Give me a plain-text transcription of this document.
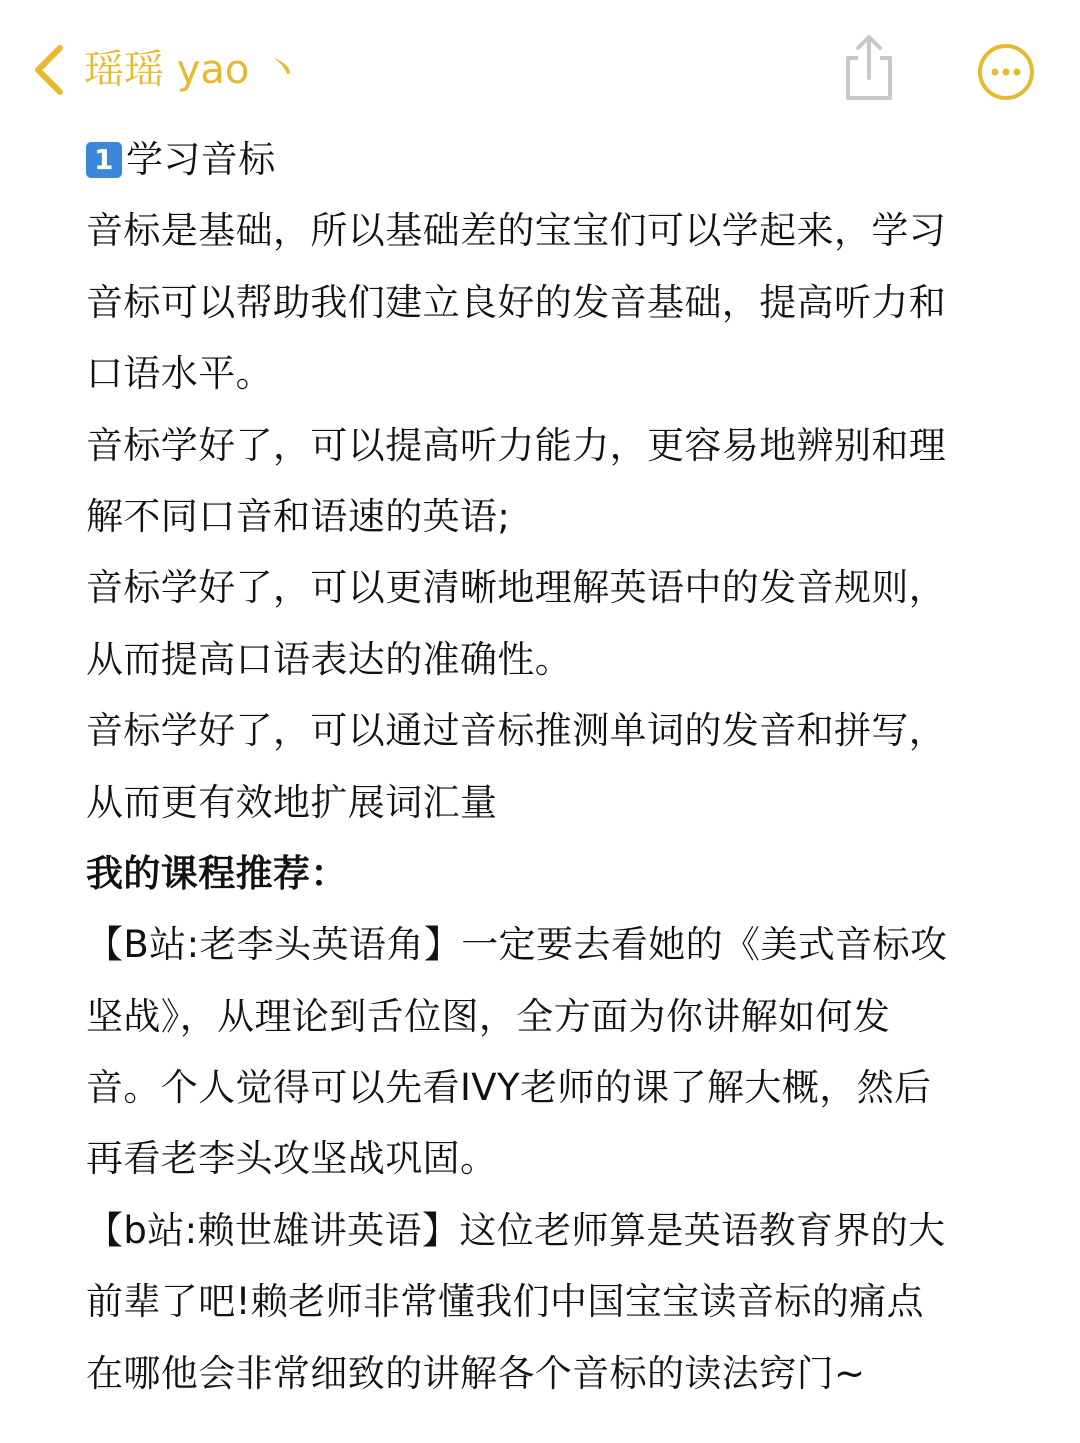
瑶瑶 yao 丶
1 学习音标
音标是基础，所以基础差的宝宝们可以学起来，学习
音标可以帮助我们建立良好的发音基础，提高听力和
口语水平。
音标学好了，可以提高听力能力，更容易地辨别和理
解不同口音和语速的英语;
音标学好了，可以更清晰地理解英语中的发音规则，
从而提高口语表达的准确性。
音标学好了，可以通过音标推测单词的发音和拼写，
从而更有效地扩展词汇量
我的课程推荐：
【B站:老李头英语角】一定要去看她的《美式音标攻
坚战》，从理论到舌位图，全方面为你讲解如何发
音。个人觉得可以先看IVY老师的课了解大概，然后
再看老李头攻坚战巩固。
【b站:赖世雄讲英语】这位老师算是英语教育界的大
前辈了吧!赖老师非常懂我们中国宝宝读音标的痛点
在哪他会非常细致的讲解各个音标的读法窍门~
